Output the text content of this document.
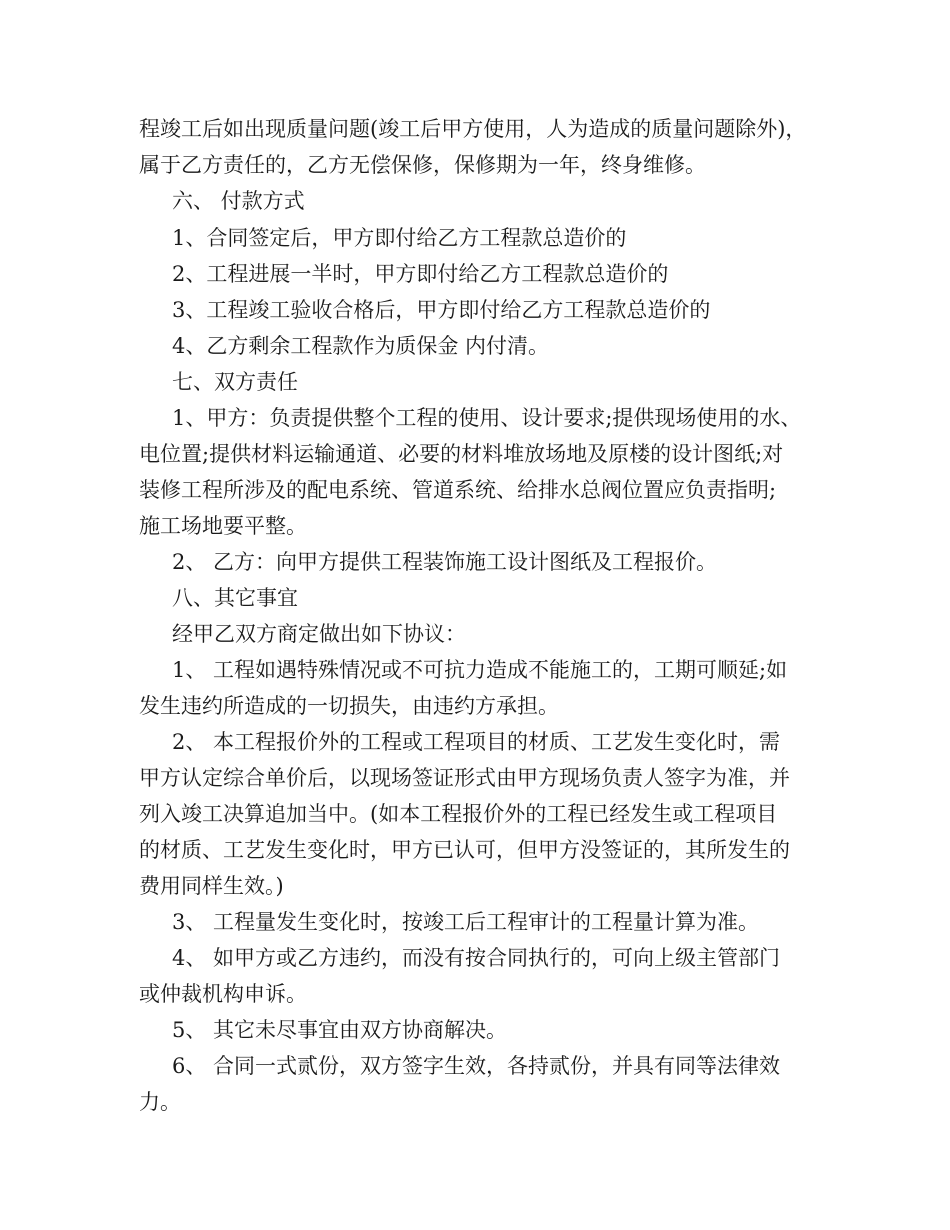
程竣工后如出现质量问题(竣工后甲方使用，人为造成的质量问题除外)，
属于乙方责任的，乙方无偿保修，保修期为一年，终身维修。
六、 付款方式
1、合同签定后，甲方即付给乙方工程款总造价的
2、工程进展一半时，甲方即付给乙方工程款总造价的
3、工程竣工验收合格后，甲方即付给乙方工程款总造价的
4、乙方剩余工程款作为质保金 内付清。
七、双方责任
1、甲方：负责提供整个工程的使用、设计要求;提供现场使用的水、
电位置;提供材料运输通道、必要的材料堆放场地及原楼的设计图纸;对
装修工程所涉及的配电系统、管道系统、给排水总阀位置应负责指明;
施工场地要平整。
2、 乙方：向甲方提供工程装饰施工设计图纸及工程报价。
八、其它事宜
经甲乙双方商定做出如下协议：
1、 工程如遇特殊情况或不可抗力造成不能施工的，工期可顺延;如
发生违约所造成的一切损失，由违约方承担。
2、 本工程报价外的工程或工程项目的材质、工艺发生变化时，需
甲方认定综合单价后，以现场签证形式由甲方现场负责人签字为准，并
列入竣工决算追加当中。(如本工程报价外的工程已经发生或工程项目
的材质、工艺发生变化时，甲方已认可，但甲方没签证的，其所发生的
费用同样生效。)
3、 工程量发生变化时，按竣工后工程审计的工程量计算为准。
4、 如甲方或乙方违约，而没有按合同执行的，可向上级主管部门
或仲裁机构申诉。
5、 其它未尽事宜由双方协商解决。
6、 合同一式贰份，双方签字生效，各持贰份，并具有同等法律效
力。
